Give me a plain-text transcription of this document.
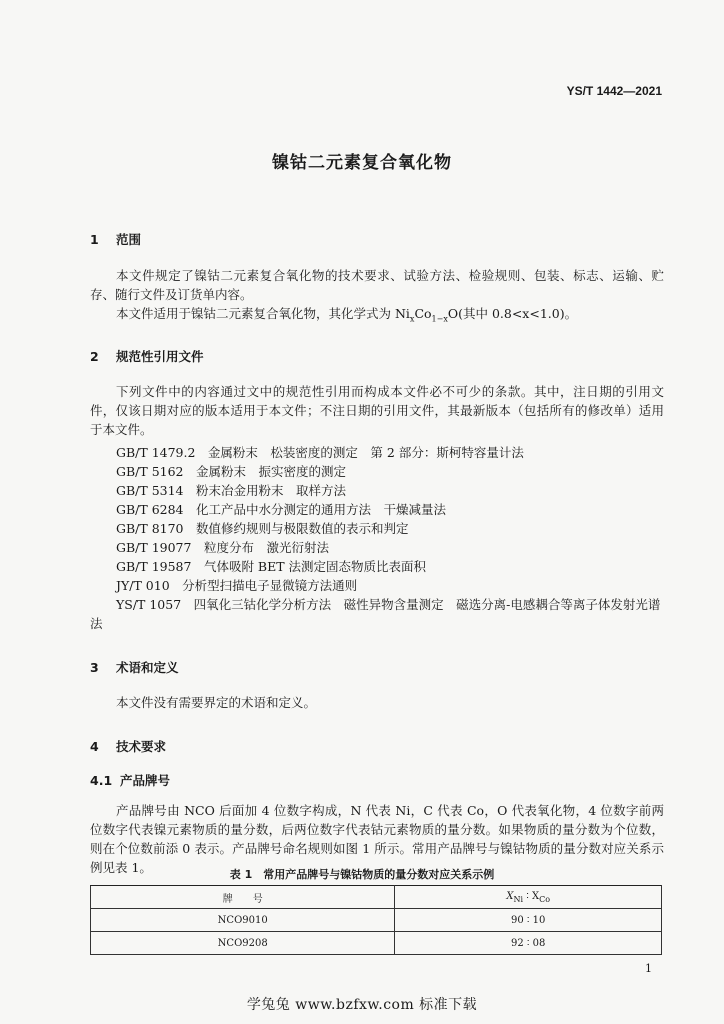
YS/T 1442—2021
镍钴二元素复合氧化物
1 范围
本文件规定了镍钴二元素复合氧化物的技术要求、试验方法、检验规则、包装、标志、运输、贮存、随行文件及订货单内容。
本文件适用于镍钴二元素复合氧化物，其化学式为 $Ni_xCo_{1-x}O$(其中 0.8<x<1.0)。
2 规范性引用文件
下列文件中的内容通过文中的规范性引用而构成本文件必不可少的条款。其中，注日期的引用文件，仅该日期对应的版本适用于本文件；不注日期的引用文件，其最新版本（包括所有的修改单）适用于本文件。
GB/T 1479.2　金属粉末　松装密度的测定　第 2 部分：斯柯特容量计法
GB/T 5162　金属粉末　振实密度的测定
GB/T 5314　粉末冶金用粉末　取样方法
GB/T 6284　化工产品中水分测定的通用方法　干燥减量法
GB/T 8170　数值修约规则与极限数值的表示和判定
GB/T 19077　粒度分布　激光衍射法
GB/T 19587　气体吸附 BET 法测定固态物质比表面积
JY/T 010　分析型扫描电子显微镜方法通则
YS/T 1057　四氧化三钴化学分析方法　磁性异物含量测定　磁选分离-电感耦合等离子体发射光谱法
3 术语和定义
本文件没有需要界定的术语和定义。
4 技术要求
4.1 产品牌号
产品牌号由 NCO 后面加 4 位数字构成，N 代表 Ni，C 代表 Co，O 代表氧化物，4 位数字前两位数字代表镍元素物质的量分数，后两位数字代表钴元素物质的量分数。如果物质的量分数为个位数，则在个位数前添 0 表示。产品牌号命名规则如图 1 所示。常用产品牌号与镍钴物质的量分数对应关系示例见表 1。	表 1　常用产品牌号与镍钴物质的量分数对应关系示例
牌　　号	$X_{Ni}$ ∶ $X_{Co}$
NCO9010	90 ∶ 10
NCO9208	92 ∶ 08
1
学兔兔 www.bzfxw.com 标准下载
